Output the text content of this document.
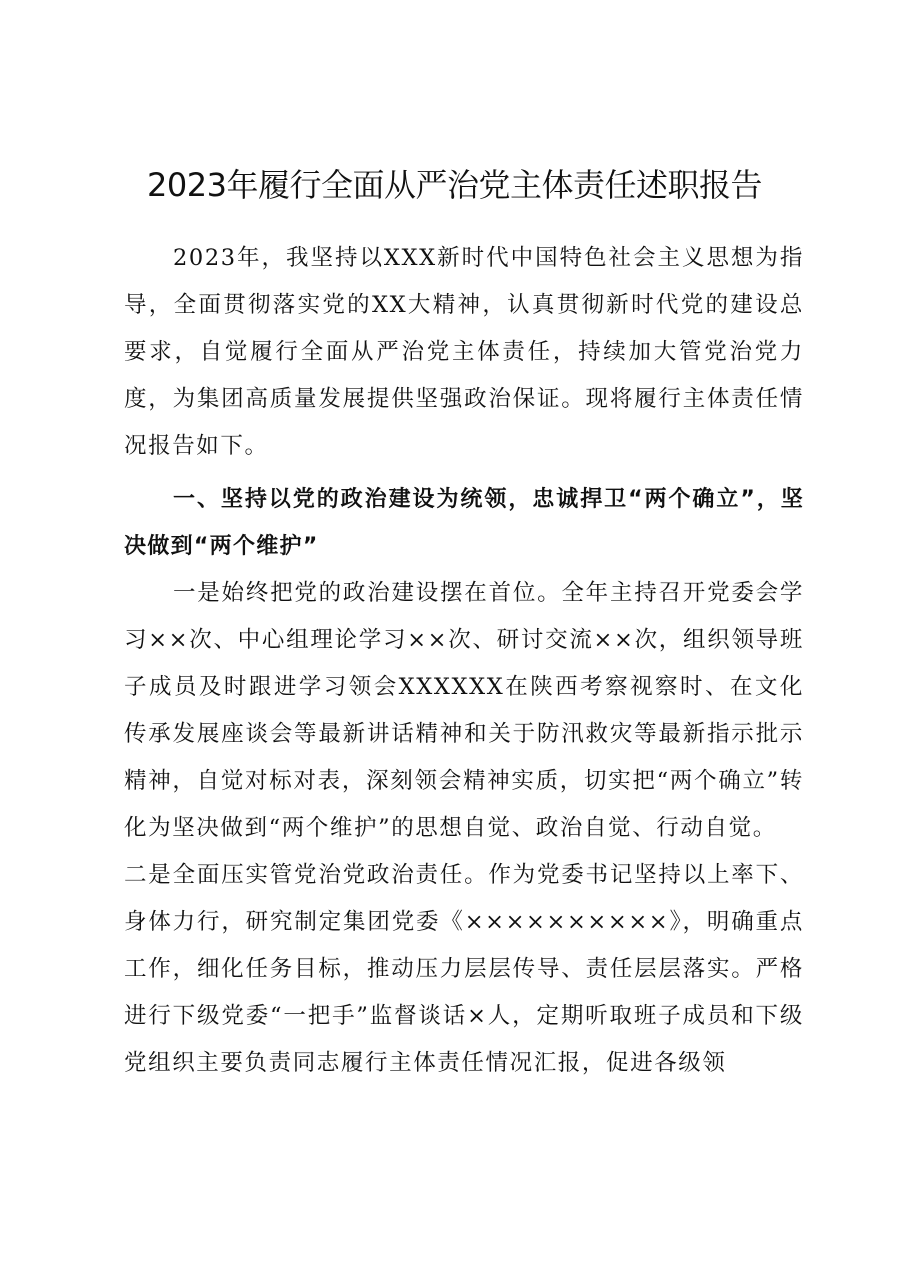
2023年履行全面从严治党主体责任述职报告

2023年，我坚持以XXX新时代中国特色社会主义思想为指导，全面贯彻落实党的XX大精神，认真贯彻新时代党的建设总要求，自觉履行全面从严治党主体责任，持续加大管党治党力度，为集团高质量发展提供坚强政治保证。现将履行主体责任情况报告如下。

一、坚持以党的政治建设为统领，忠诚捍卫“两个确立”，坚决做到“两个维护”

一是始终把党的政治建设摆在首位。全年主持召开党委会学习××次、中心组理论学习××次、研讨交流××次，组织领导班子成员及时跟进学习领会XXXXXX在陕西考察视察时、在文化传承发展座谈会等最新讲话精神和关于防汛救灾等最新指示批示精神，自觉对标对表，深刻领会精神实质，切实把“两个确立”转化为坚决做到“两个维护”的思想自觉、政治自觉、行动自觉。

二是全面压实管党治党政治责任。作为党委书记坚持以上率下、身体力行，研究制定集团党委《××××××××××》，明确重点工作，细化任务目标，推动压力层层传导、责任层层落实。严格进行下级党委“一把手”监督谈话×人，定期听取班子成员和下级党组织主要负责同志履行主体责任情况汇报，促进各级领
